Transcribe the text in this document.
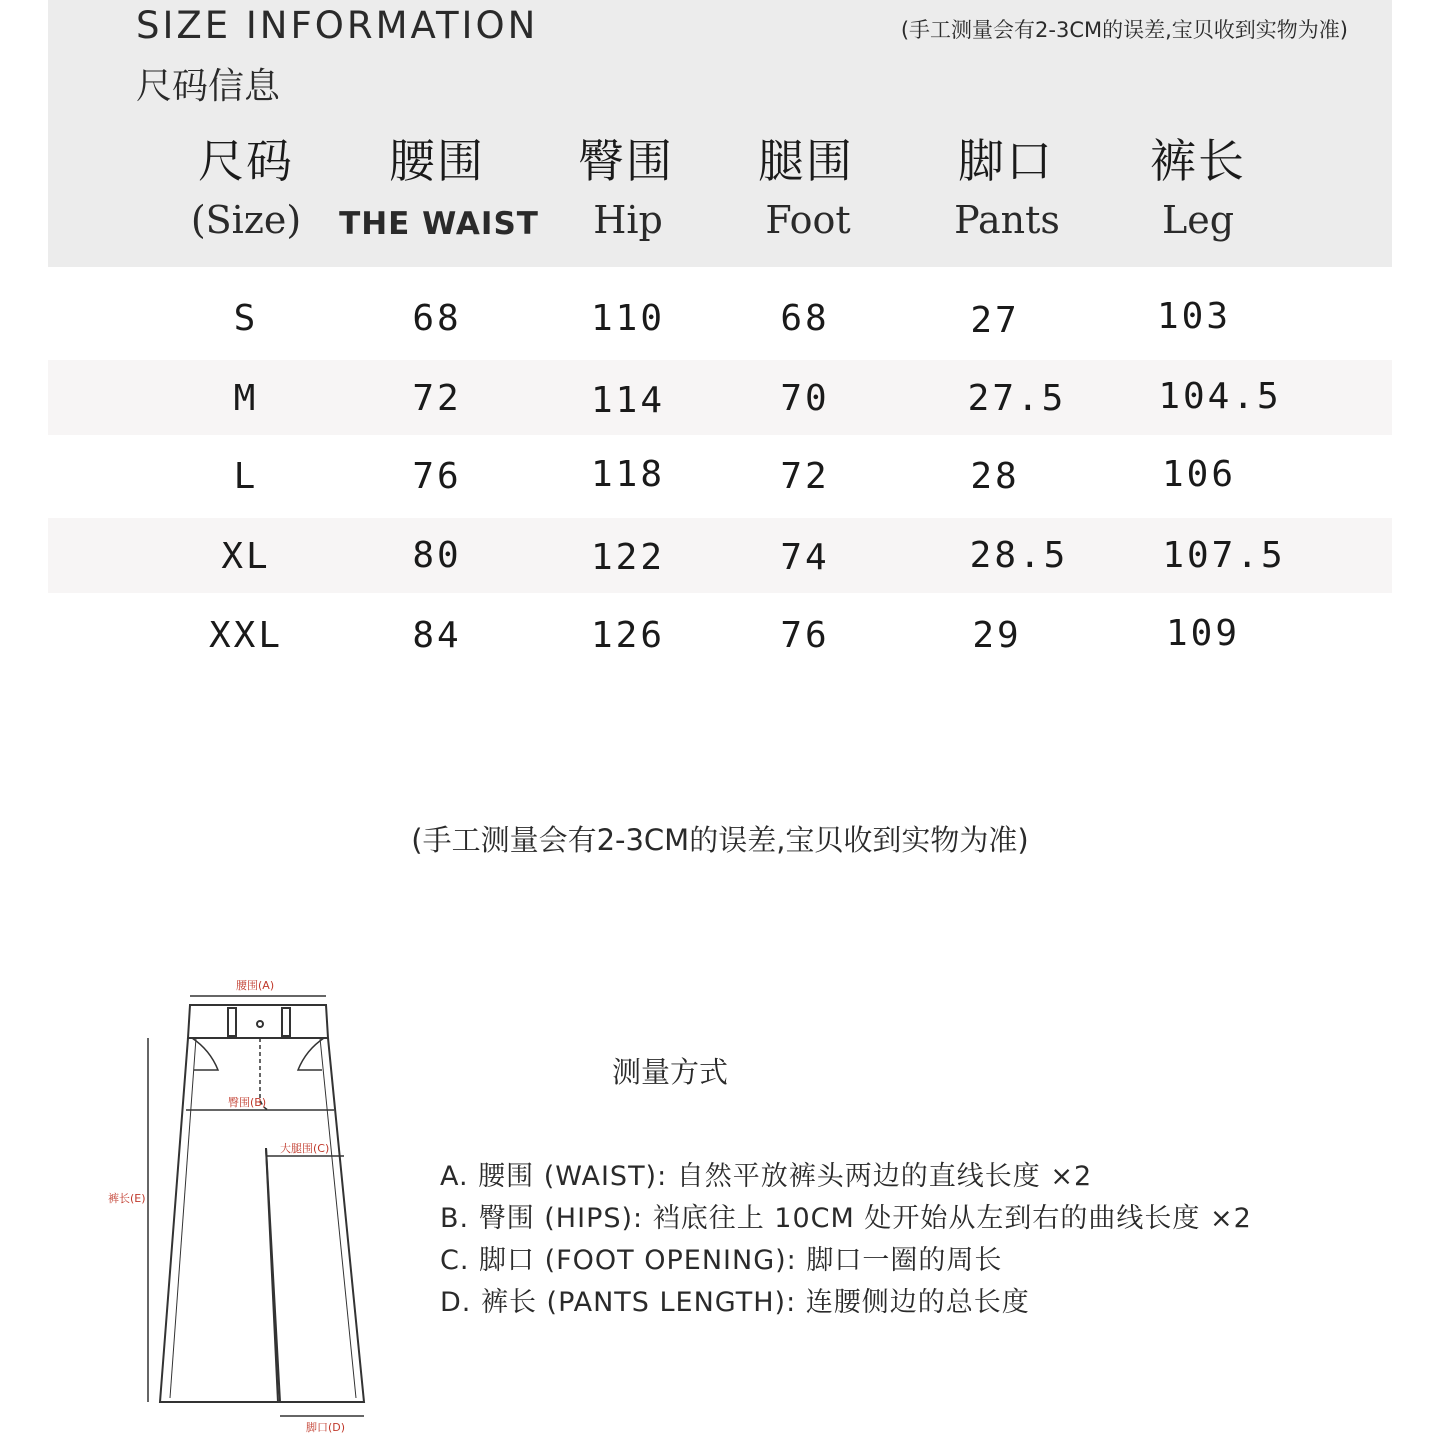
SIZE INFORMATION
尺码信息
(手工测量会有2-3CM的误差,宝贝收到实物为准)
尺码	腰围	臀围	腿围	脚口	裤长
(Size)	THE WAIST	Hip	Foot	Pants	Leg
S	68	110	68	27	103
M	72	114	70	27.5	104.5
L	76	118	72	28	106
XL	80	122	74	28.5	107.5
XXL	84	126	76	29	109
(手工测量会有2-3CM的误差,宝贝收到实物为准)
腰围(A)
臀围(B)
大腿围(C)
脚口(D)
裤长(E)
测量方式
A. 腰围 (WAIST): 自然平放裤头两边的直线长度 ×2
B. 臀围 (HIPS): 裆底往上 10CM 处开始从左到右的曲线长度 ×2
C. 脚口 (FOOT OPENING): 脚口一圈的周长
D. 裤长 (PANTS LENGTH): 连腰侧边的总长度
